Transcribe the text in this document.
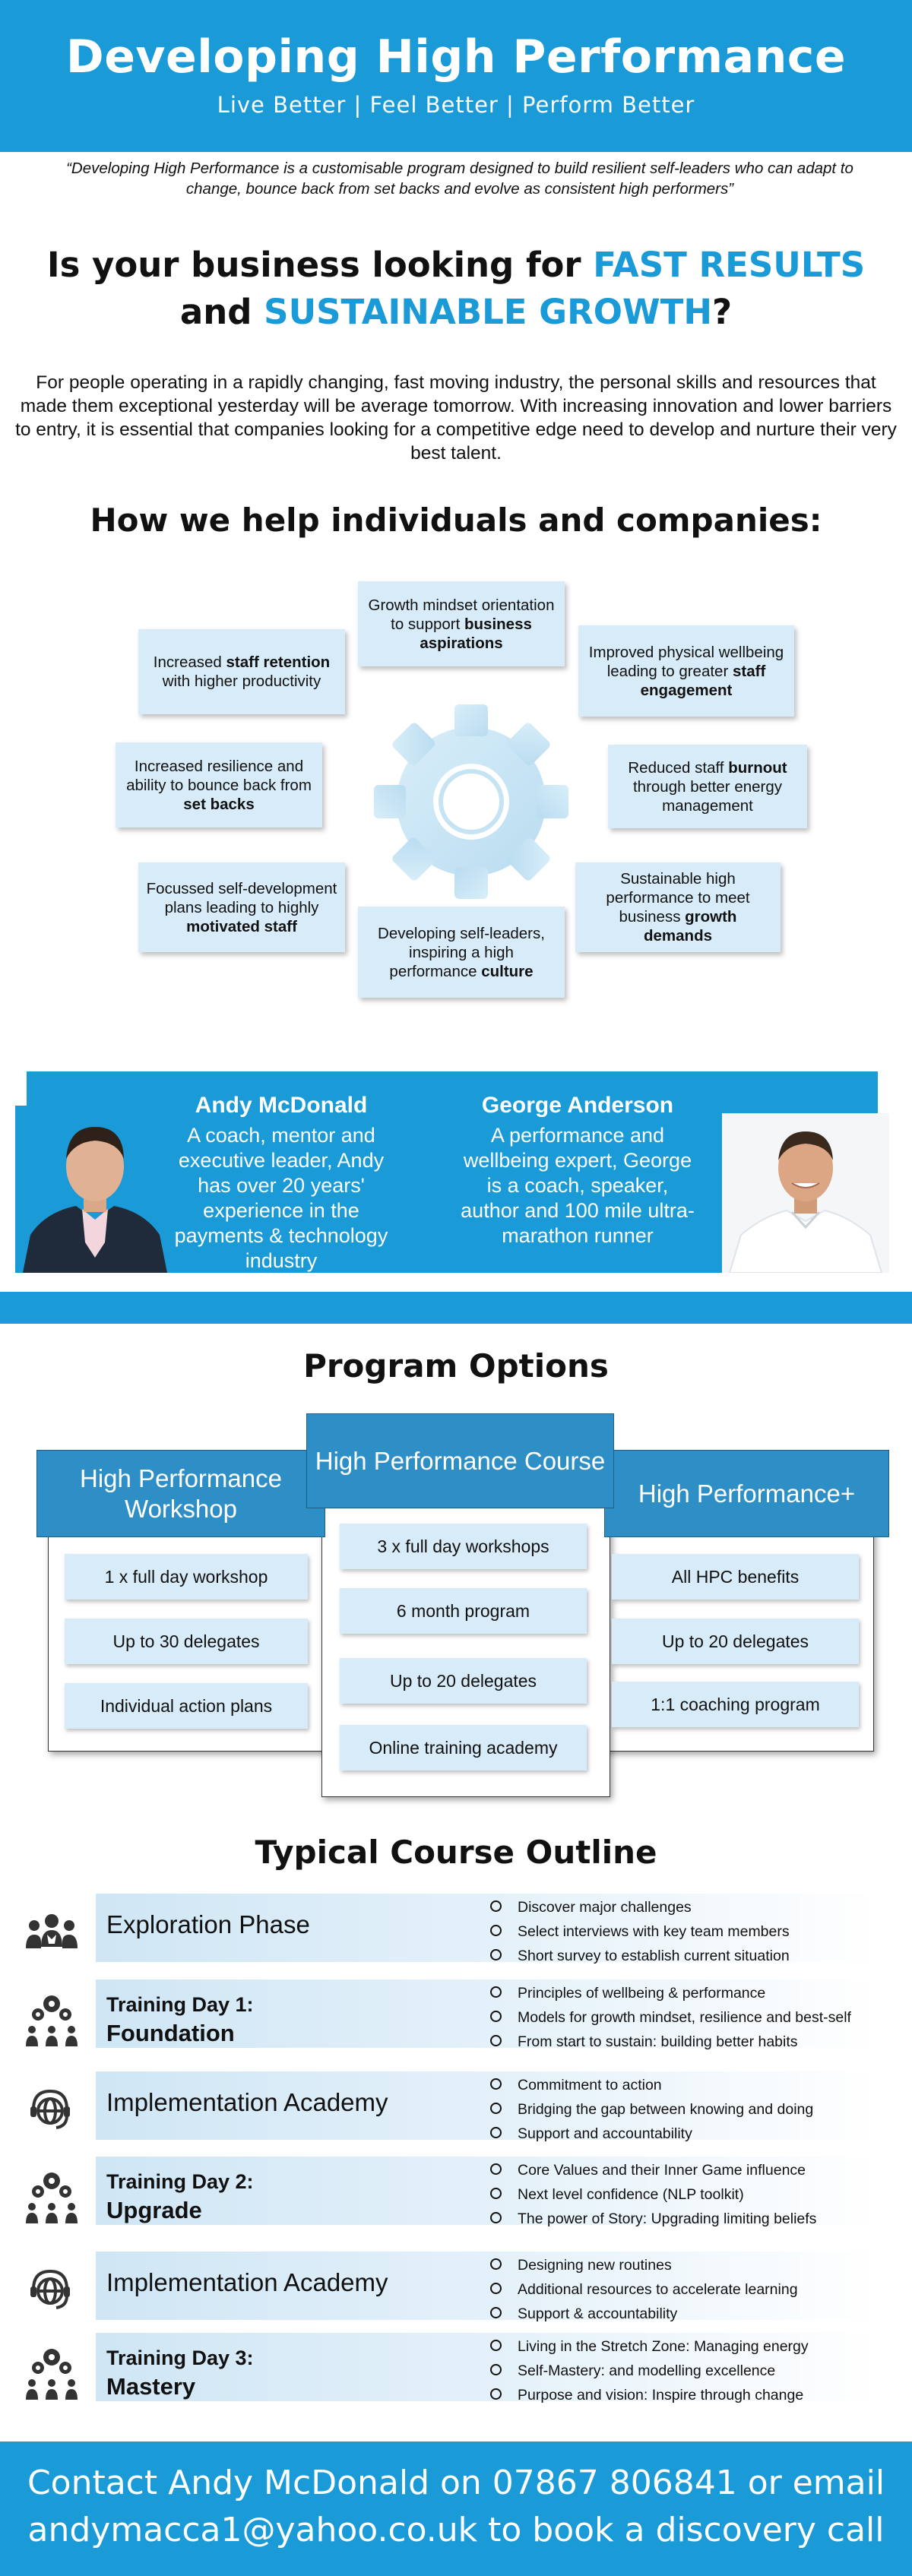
Developing High Performance
Live Better | Feel Better | Perform Better
“Developing High Performance is a customisable program designed to build resilient self-leaders who can adapt to change, bounce back from set backs and evolve as consistent high performers”
Is your business looking for FAST RESULTS
and SUSTAINABLE GROWTH?
For people operating in a rapidly changing, fast moving industry, the personal skills and resources that made them exceptional yesterday will be average tomorrow. With increasing innovation and lower barriers to entry, it is essential that companies looking for a competitive edge need to develop and nurture their very best talent.
How we help individuals and companies:
Growth mindset orientation to support business aspirations
Improved physical wellbeing leading to greater staff engagement
Reduced staff burnout through better energy management
Sustainable high performance to meet business growth demands
Developing self-leaders, inspiring a high performance culture
Focussed self-development plans leading to highly motivated staff
Increased resilience and ability to bounce back from set backs
Increased staff retention with higher productivity
Andy McDonald
A coach, mentor and executive leader, Andy has over 20 years' experience in the payments & technology industry
George Anderson
A performance and wellbeing expert, George is a coach, speaker, author and 100 mile ultra-marathon runner
Program Options
High Performance Workshop
High Performance+
High Performance Course
1 x full day workshop
Up to 30 delegates
Individual action plans
3 x full day workshops
6 month program
Up to 20 delegates
Online training academy
All HPC benefits
Up to 20 delegates
1:1 coaching program
Typical Course Outline
Exploration Phase
Discover major challenges
Select interviews with key team members
Short survey to establish current situation
Training Day 1:
Foundation
Principles of wellbeing & performance
Models for growth mindset, resilience and best-self
From start to sustain: building better habits
Implementation Academy
Commitment to action
Bridging the gap between knowing and doing
Support and accountability
Training Day 2:
Upgrade
Core Values and their Inner Game influence
Next level confidence (NLP toolkit)
The power of Story: Upgrading limiting beliefs
Implementation Academy
Designing new routines
Additional resources to accelerate learning
Support & accountability
Training Day 3:
Mastery
Living in the Stretch Zone: Managing energy
Self-Mastery: and modelling excellence
Purpose and vision: Inspire through change
Contact Andy McDonald on 07867 806841 or email
andymacca1@yahoo.co.uk to book a discovery call
